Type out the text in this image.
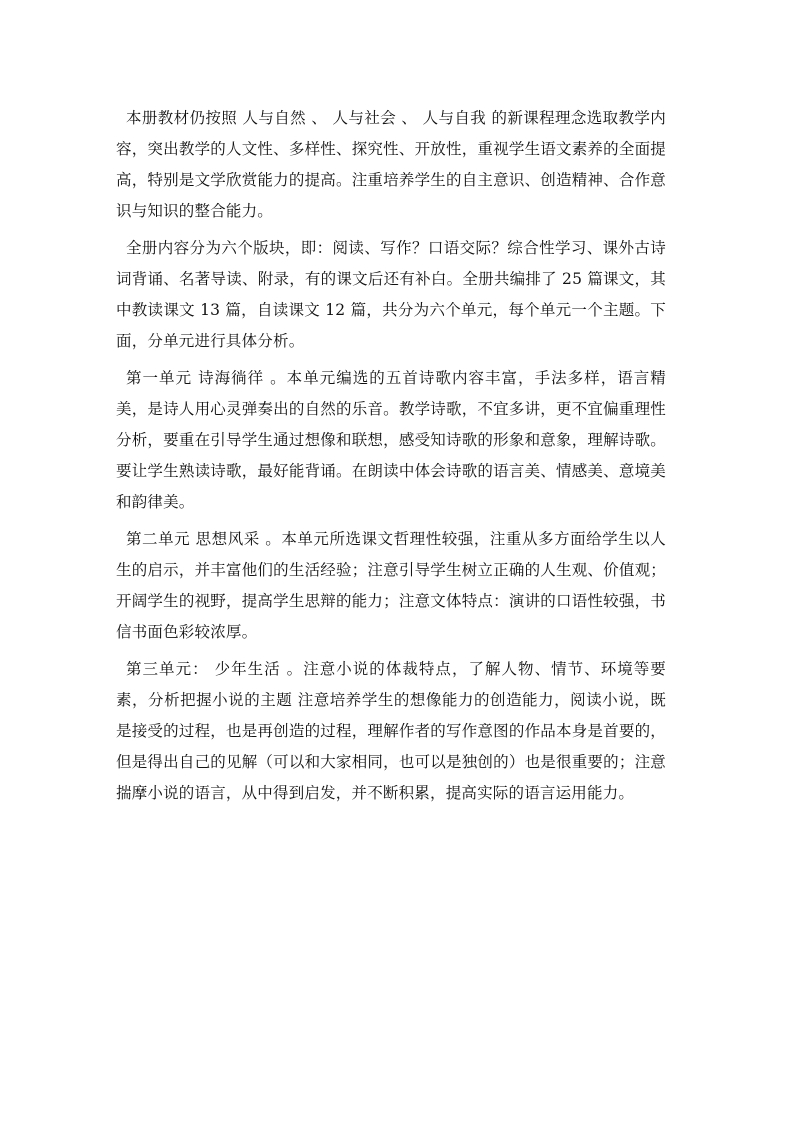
本册教材仍按照 人与自然 、 人与社会 、 人与自我 的新课程理念选取教学内容，突出教学的人文性、多样性、探究性、开放性，重视学生语文素养的全面提高，特别是文学欣赏能力的提高。注重培养学生的自主意识、创造精神、合作意识与知识的整合能力。

全册内容分为六个版块，即：阅读、写作？口语交际？综合性学习、课外古诗词背诵、名著导读、附录，有的课文后还有补白。全册共编排了 25 篇课文，其中教读课文 13 篇，自读课文 12 篇，共分为六个单元，每个单元一个主题。下面，分单元进行具体分析。

第一单元 诗海徜徉 。本单元编选的五首诗歌内容丰富，手法多样，语言精美，是诗人用心灵弹奏出的自然的乐音。教学诗歌，不宜多讲，更不宜偏重理性分析，要重在引导学生通过想像和联想，感受知诗歌的形象和意象，理解诗歌。要让学生熟读诗歌，最好能背诵。在朗读中体会诗歌的语言美、情感美、意境美和韵律美。

第二单元 思想风采 。本单元所选课文哲理性较强，注重从多方面给学生以人生的启示，并丰富他们的生活经验；注意引导学生树立正确的人生观、价值观；开阔学生的视野，提高学生思辩的能力；注意文体特点：演讲的口语性较强，书信书面色彩较浓厚。

第三单元： 少年生活 。注意小说的体裁特点，了解人物、情节、环境等要素，分析把握小说的主题 注意培养学生的想像能力的创造能力，阅读小说，既是接受的过程，也是再创造的过程，理解作者的写作意图的作品本身是首要的，但是得出自己的见解（可以和大家相同，也可以是独创的）也是很重要的；注意揣摩小说的语言，从中得到启发，并不断积累，提高实际的语言运用能力。
